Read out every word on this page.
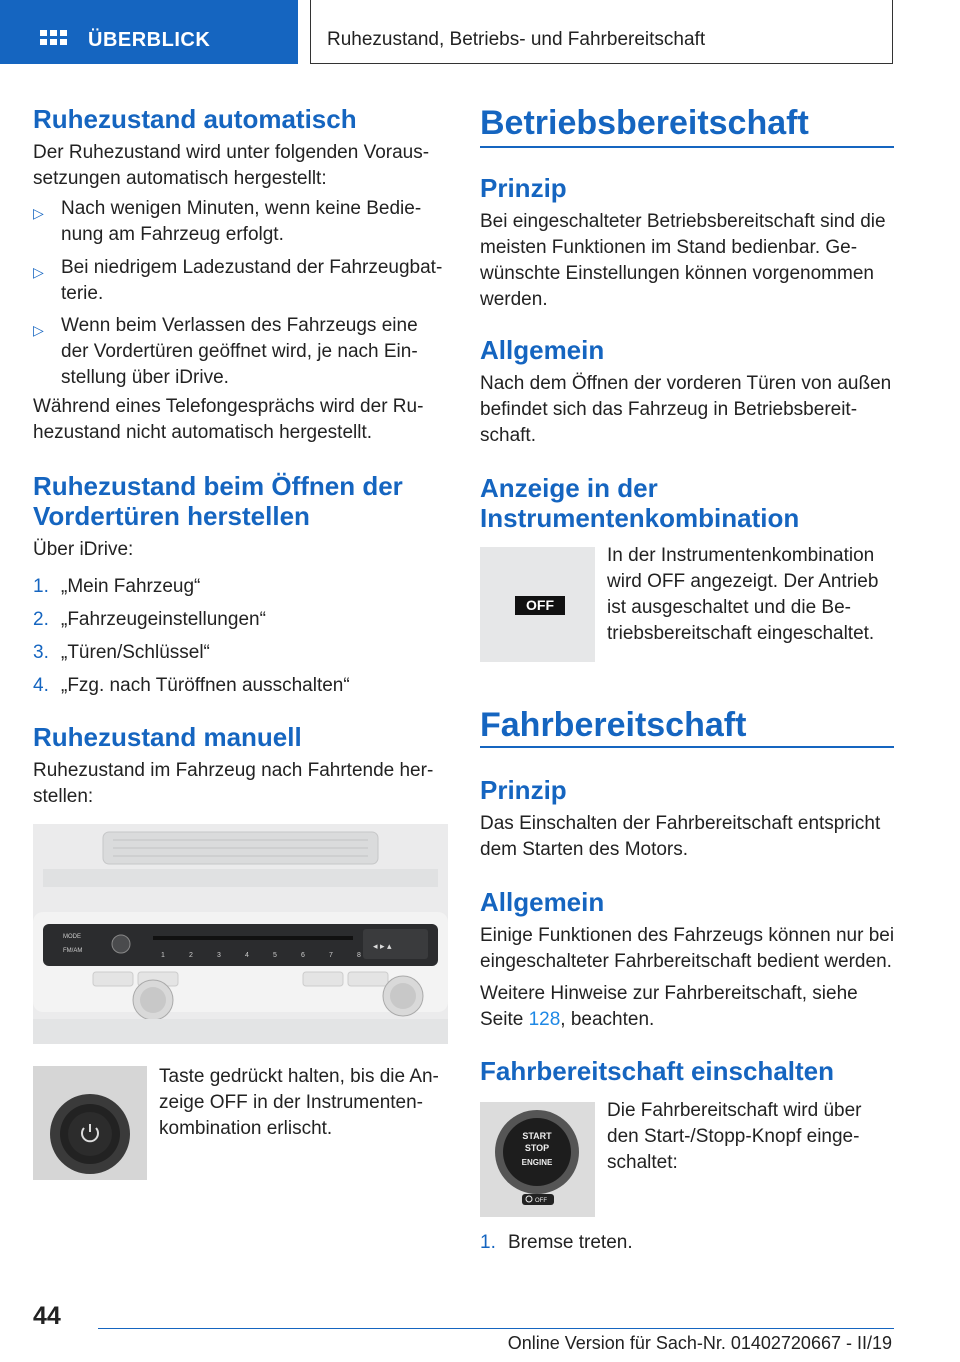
ÜBERBLICK	Ruhezustand, Betriebs- und Fahrbereitschaft
Ruhezustand automatisch
Der Ruhezustand wird unter folgenden Voraus-
setzungen automatisch hergestellt:
▷ Nach wenigen Minuten, wenn keine Bedie-
nung am Fahrzeug erfolgt.
▷ Bei niedrigem Ladezustand der Fahrzeugbat-
terie.
▷ Wenn beim Verlassen des Fahrzeugs eine
der Vordertüren geöffnet wird, je nach Ein-
stellung über iDrive.
Während eines Telefongesprächs wird der Ru-
hezustand nicht automatisch hergestellt.
Ruhezustand beim Öffnen der
Vordertüren herstellen
Über iDrive:
1. „Mein Fahrzeug“
2. „Fahrzeugeinstellungen“
3. „Türen/Schlüssel“
4. „Fzg. nach Türöffnen ausschalten“
Ruhezustand manuell
Ruhezustand im Fahrzeug nach Fahrtende her-
stellen:
MODE
FM/AM
1	2	3	4	5	6	7	8
◂ ▸ ▴
Taste gedrückt halten, bis die An-
zeige OFF in der Instrumenten-
kombination erlischt.
Betriebsbereitschaft
Prinzip
Bei eingeschalteter Betriebsbereitschaft sind die
meisten Funktionen im Stand bedienbar. Ge-
wünschte Einstellungen können vorgenommen
werden.
Allgemein
Nach dem Öffnen der vorderen Türen von außen
befindet sich das Fahrzeug in Betriebsbereit-
schaft.
Anzeige in der
Instrumentenkombination
OFF
In der Instrumentenkombination
wird OFF angezeigt. Der Antrieb
ist ausgeschaltet und die Be-
triebsbereitschaft eingeschaltet.
Fahrbereitschaft
Prinzip
Das Einschalten der Fahrbereitschaft entspricht
dem Starten des Motors.
Allgemein
Einige Funktionen des Fahrzeugs können nur bei
eingeschalteter Fahrbereitschaft bedient werden.
Weitere Hinweise zur Fahrbereitschaft, siehe
Seite 128, beachten.
Fahrbereitschaft einschalten
START
STOP
ENGINE
OFF
Die Fahrbereitschaft wird über
den Start-/Stopp-Knopf einge-
schaltet:
1. Bremse treten.
44
Online Version für Sach-Nr. 01402720667 - II/19
